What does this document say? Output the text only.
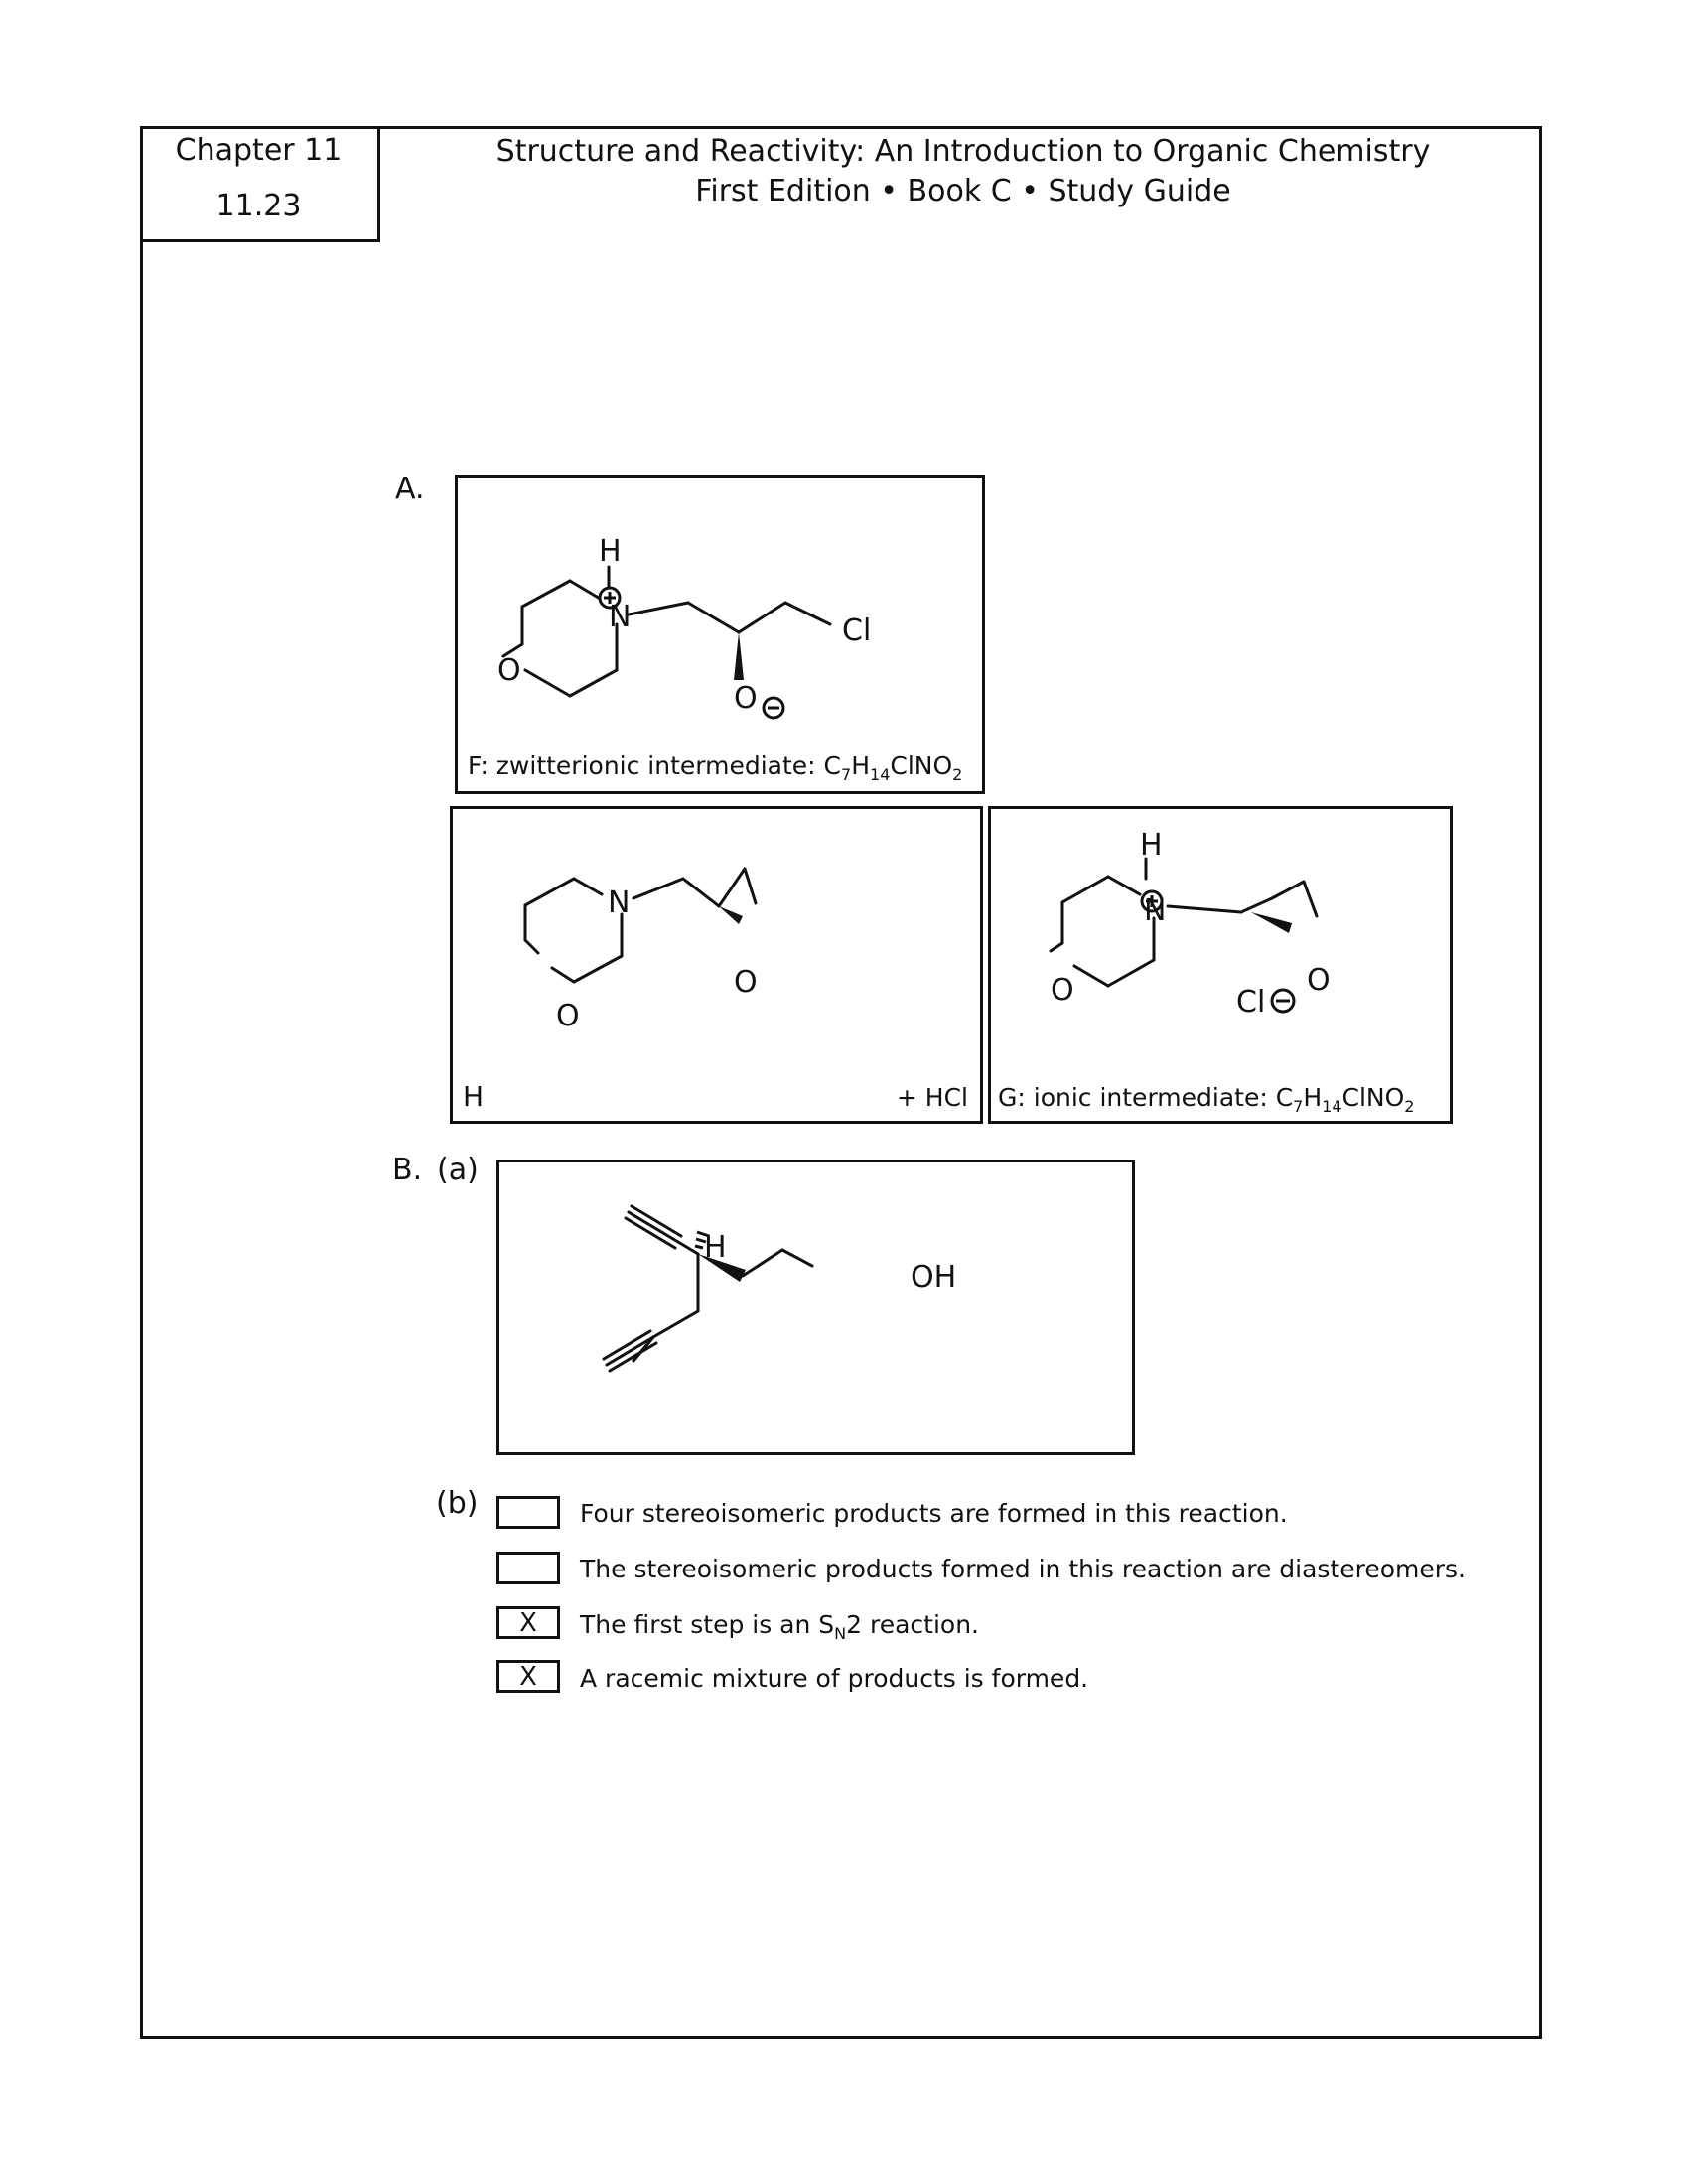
Chapter 11
11.23
Structure and Reactivity: An Introduction to Organic Chemistry
First Edition • Book C • Study Guide
A.
H
N
O
O
Cl
F: zwitterionic intermediate: $C_7H_{14}ClNO_2$
N
O
O
H	+ HCl
H
N
O	O
Cl
G: ionic intermediate: $C_7H_{14}ClNO_2$
B. (a)
H
OH
(b)	Four stereoisomeric products are formed in this reaction.
The stereoisomeric products formed in this reaction are diastereomers.
X	The first step is an $S_N2$ reaction.
X	A racemic mixture of products is formed.
